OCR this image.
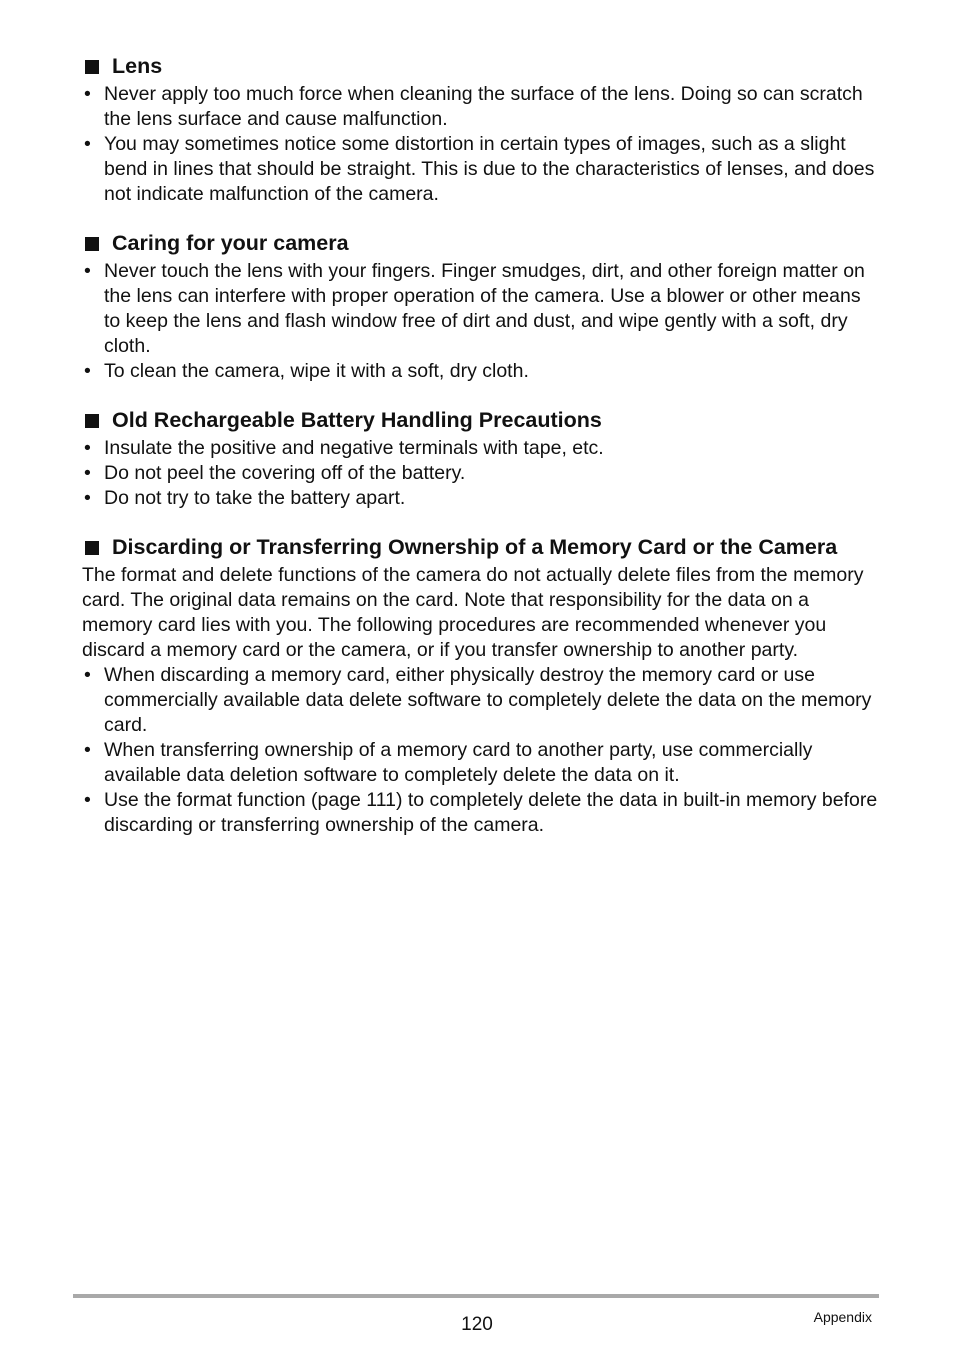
Lens
• Never apply too much force when cleaning the surface of the lens. Doing so can scratch the lens surface and cause malfunction.
• You may sometimes notice some distortion in certain types of images, such as a slight bend in lines that should be straight. This is due to the characteristics of lenses, and does not indicate malfunction of the camera.
Caring for your camera
• Never touch the lens with your fingers. Finger smudges, dirt, and other foreign matter on the lens can interfere with proper operation of the camera. Use a blower or other means to keep the lens and flash window free of dirt and dust, and wipe gently with a soft, dry cloth.
• To clean the camera, wipe it with a soft, dry cloth.
Old Rechargeable Battery Handling Precautions
• Insulate the positive and negative terminals with tape, etc.
• Do not peel the covering off of the battery.
• Do not try to take the battery apart.
Discarding or Transferring Ownership of a Memory Card or the Camera

The format and delete functions of the camera do not actually delete files from the memory card. The original data remains on the card. Note that responsibility for the data on a memory card lies with you. The following procedures are recommended whenever you discard a memory card or the camera, or if you transfer ownership to another party.

• When discarding a memory card, either physically destroy the memory card or use commercially available data delete software to completely delete the data on the memory card.
• When transferring ownership of a memory card to another party, use commercially available data deletion software to completely delete the data on it.
• Use the format function (page 111) to completely delete the data in built-in memory before discarding or transferring ownership of the camera.
120	Appendix
